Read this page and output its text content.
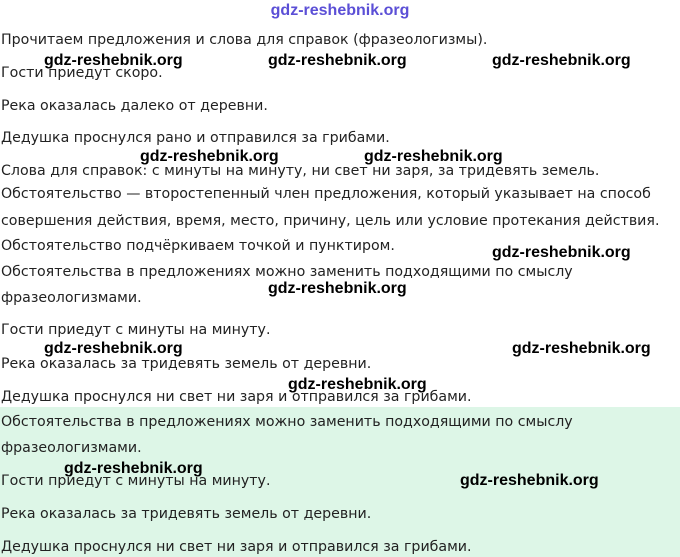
gdz-reshebnik.org
Прочитаем предложения и слова для справок (фразеологизмы).
Гости приедут скоро.
Река оказалась далеко от деревни.
Дедушка проснулся рано и отправился за грибами.
Слова для справок: с минуты на минуту, ни свет ни заря, за тридевять земель.
Обстоятельство — второстепенный член предложения, который указывает на способ
совершения действия, время, место, причину, цель или условие протекания действия.
Обстоятельство подчёркиваем точкой и пунктиром.
Обстоятельства в предложениях можно заменить подходящими по смыслу
фразеологизмами.
Гости приедут с минуты на минуту.
Река оказалась за тридевять земель от деревни.
Дедушка проснулся ни свет ни заря и отправился за грибами.
Обстоятельства в предложениях можно заменить подходящими по смыслу
фразеологизмами.
Гости приедут с минуты на минуту.
Река оказалась за тридевять земель от деревни.
Дедушка проснулся ни свет ни заря и отправился за грибами.
gdz-reshebnik.org	gdz-reshebnik.org	gdz-reshebnik.org
gdz-reshebnik.org	gdz-reshebnik.org
gdz-reshebnik.org
gdz-reshebnik.org
gdz-reshebnik.org	gdz-reshebnik.org
gdz-reshebnik.org
gdz-reshebnik.org
gdz-reshebnik.org
